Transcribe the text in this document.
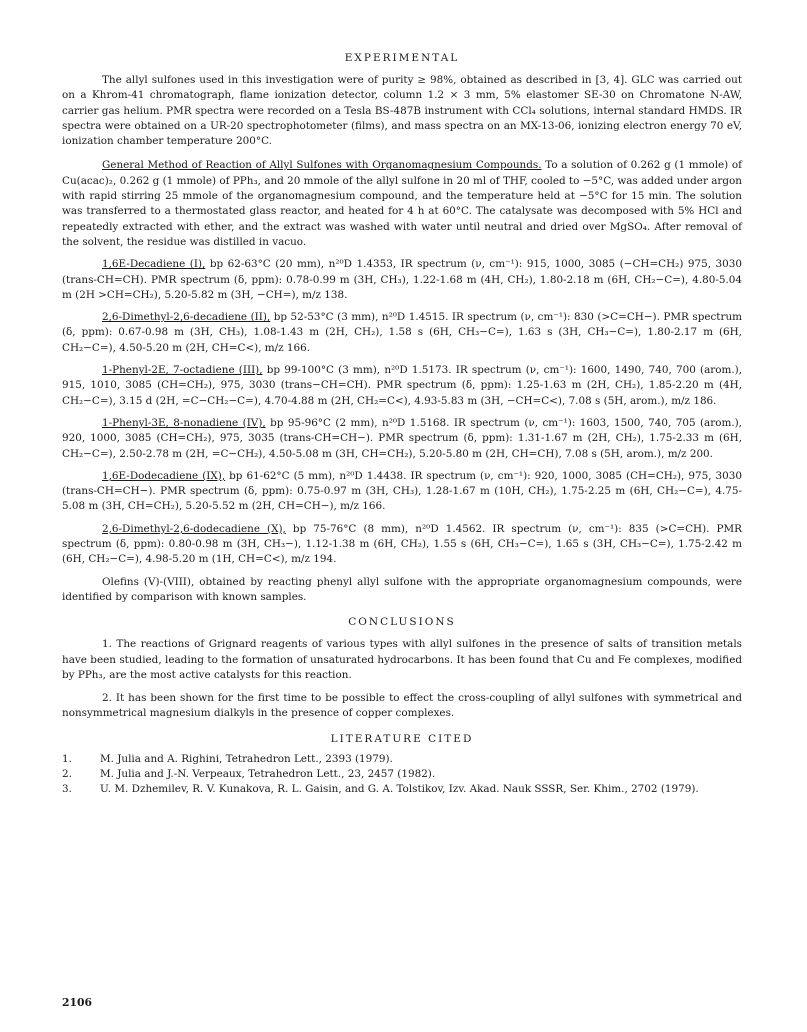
EXPERIMENTAL

The allyl sulfones used in this investigation were of purity ≥ 98%, obtained as described in [3, 4]. GLC was carried out on a Khrom-41 chromatograph, flame ionization detector, column 1.2 × 3 mm, 5% elastomer SE-30 on Chromatone N-AW, carrier gas helium. PMR spectra were recorded on a Tesla BS-487B instrument with CCl₄ solutions, internal standard HMDS. IR spectra were obtained on a UR-20 spectrophotometer (films), and mass spectra on an MX-13-06, ionizing electron energy 70 eV, ionization chamber temperature 200°C.

General Method of Reaction of Allyl Sulfones with Organomagnesium Compounds. To a solution of 0.262 g (1 mmole) of Cu(acac)₂, 0.262 g (1 mmole) of PPh₃, and 20 mmole of the allyl sulfone in 20 ml of THF, cooled to −5°C, was added under argon with rapid stirring 25 mmole of the organomagnesium compound, and the temperature held at −5°C for 15 min. The solution was transferred to a thermostated glass reactor, and heated for 4 h at 60°C. The catalysate was decomposed with 5% HCl and repeatedly extracted with ether, and the extract was washed with water until neutral and dried over MgSO₄. After removal of the solvent, the residue was distilled in vacuo.

1,6E-Decadiene (I), bp 62-63°C (20 mm), n²⁰D 1.4353, IR spectrum (ν, cm⁻¹): 915, 1000, 3085 (−CH=CH₂) 975, 3030 (trans-CH=CH). PMR spectrum (δ, ppm): 0.78-0.99 m (3H, CH₃), 1.22-1.68 m (4H, CH₂), 1.80-2.18 m (6H, CH₂−C=), 4.80-5.04 m (2H >CH=CH₂), 5.20-5.82 m (3H, −CH=), m/z 138.

2,6-Dimethyl-2,6-decadiene (II), bp 52-53°C (3 mm), n²⁰D 1.4515. IR spectrum (ν, cm⁻¹): 830 (>C=CH−). PMR spectrum (δ, ppm): 0.67-0.98 m (3H, CH₃), 1.08-1.43 m (2H, CH₂), 1.58 s (6H, CH₃−C=), 1.63 s (3H, CH₃−C=), 1.80-2.17 m (6H, CH₂−C=), 4.50-5.20 m (2H, CH=C<), m/z 166.

1-Phenyl-2E, 7-octadiene (III), bp 99-100°C (3 mm), n²⁰D 1.5173. IR spectrum (ν, cm⁻¹): 1600, 1490, 740, 700 (arom.), 915, 1010, 3085 (CH=CH₂), 975, 3030 (trans−CH=CH). PMR spectrum (δ, ppm): 1.25-1.63 m (2H, CH₂), 1.85-2.20 m (4H, CH₂−C=), 3.15 d (2H, =C−CH₂−C=), 4.70-4.88 m (2H, CH₂=C<), 4.93-5.83 m (3H, −CH=C<), 7.08 s (5H, arom.), m/z 186.

1-Phenyl-3E, 8-nonadiene (IV), bp 95-96°C (2 mm), n²⁰D 1.5168. IR spectrum (ν, cm⁻¹): 1603, 1500, 740, 705 (arom.), 920, 1000, 3085 (CH=CH₂), 975, 3035 (trans-CH=CH−). PMR spectrum (δ, ppm): 1.31-1.67 m (2H, CH₂), 1.75-2.33 m (6H, CH₂−C=), 2.50-2.78 m (2H, =C−CH₂), 4.50-5.08 m (3H, CH=CH₂), 5.20-5.80 m (2H, CH=CH), 7.08 s (5H, arom.), m/z 200.

1,6E-Dodecadiene (IX), bp 61-62°C (5 mm), n²⁰D 1.4438. IR spectrum (ν, cm⁻¹): 920, 1000, 3085 (CH=CH₂), 975, 3030 (trans-CH=CH−). PMR spectrum (δ, ppm): 0.75-0.97 m (3H, CH₃), 1.28-1.67 m (10H, CH₂), 1.75-2.25 m (6H, CH₂−C=), 4.75-5.08 m (3H, CH=CH₂), 5.20-5.52 m (2H, CH=CH−), m/z 166.

2,6-Dimethyl-2,6-dodecadiene (X), bp 75-76°C (8 mm), n²⁰D 1.4562. IR spectrum (ν, cm⁻¹): 835 (>C=CH). PMR spectrum (δ, ppm): 0.80-0.98 m (3H, CH₃−), 1.12-1.38 m (6H, CH₂), 1.55 s (6H, CH₃−C=), 1.65 s (3H, CH₃−C=), 1.75-2.42 m (6H, CH₂−C=), 4.98-5.20 m (1H, CH=C<), m/z 194.

Olefins (V)-(VIII), obtained by reacting phenyl allyl sulfone with the appropriate organomagnesium compounds, were identified by comparison with known samples.

CONCLUSIONS

1. The reactions of Grignard reagents of various types with allyl sulfones in the presence of salts of transition metals have been studied, leading to the formation of unsaturated hydrocarbons. It has been found that Cu and Fe complexes, modified by PPh₃, are the most active catalysts for this reaction.

2. It has been shown for the first time to be possible to effect the cross-coupling of allyl sulfones with symmetrical and nonsymmetrical magnesium dialkyls in the presence of copper complexes.

LITERATURE CITED
1.	M. Julia and A. Righini, Tetrahedron Lett., 2393 (1979).
2.	M. Julia and J.-N. Verpeaux, Tetrahedron Lett., 23, 2457 (1982).
3.	U. M. Dzhemilev, R. V. Kunakova, R. L. Gaisin, and G. A. Tolstikov, Izv. Akad. Nauk SSSR, Ser. Khim., 2702 (1979).
2106
